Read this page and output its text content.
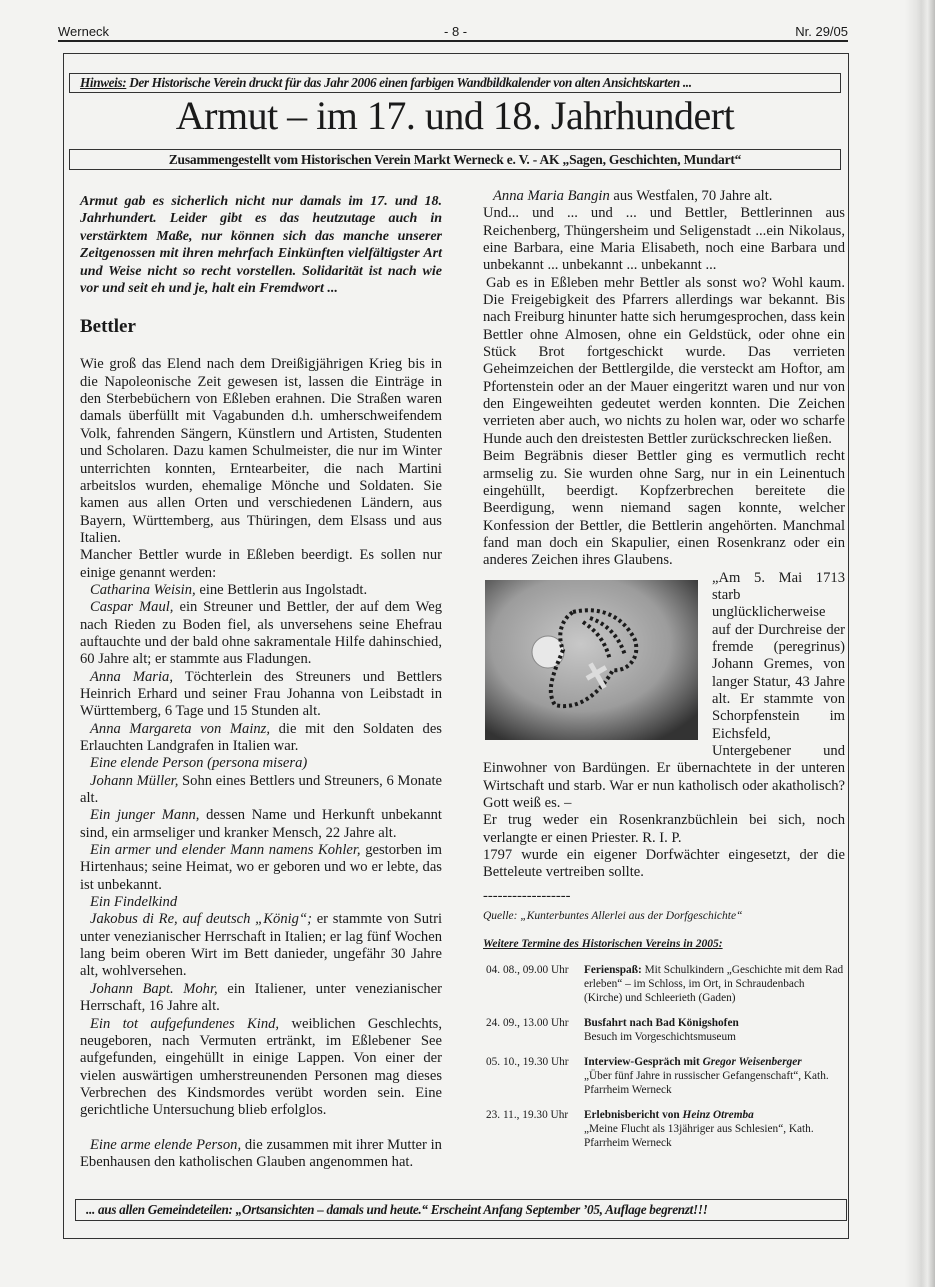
Werneck	- 8 -	Nr. 29/05
Hinweis: Der Historische Verein druckt für das Jahr 2006 einen farbigen Wandbildkalender von alten Ansichtskarten ...
Armut – im 17. und 18. Jahrhundert
Zusammengestellt vom Historischen Verein Markt Werneck e. V. - AK „Sagen, Geschichten, Mundart“

Armut gab es sicherlich nicht nur damals im 17. und 18. Jahrhundert. Leider gibt es das heutzutage auch in verstärktem Maße, nur können sich das manche unserer Zeitgenossen mit ihren mehrfach Einkünften vielfältigster Art und Weise nicht so recht vorstellen. Solidarität ist nach wie vor und seit eh und je, halt ein Fremdwort ...

Bettler

Wie groß das Elend nach dem Dreißigjährigen Krieg bis in die Napoleonische Zeit gewesen ist, lassen die Einträge in den Sterbebüchern von Eßleben erahnen. Die Straßen waren damals überfüllt mit Vagabunden d.h. umherschweifendem Volk, fahrenden Sängern, Künstlern und Artisten, Studenten und Scholaren. Dazu kamen Schulmeister, die nur im Winter unterrichten konnten, Erntearbeiter, die nach Martini arbeitslos wurden, ehemalige Mönche und Soldaten. Sie kamen aus allen Orten und verschiedenen Ländern, aus Bayern, Württemberg, aus Thüringen, dem Elsass und aus Italien.

Mancher Bettler wurde in Eßleben beerdigt. Es sollen nur einige genannt werden:

Catharina Weisin, eine Bettlerin aus Ingolstadt.

Caspar Maul, ein Streuner und Bettler, der auf dem Weg nach Rieden zu Boden fiel, als unversehens seine Ehefrau auftauchte und der bald ohne sakramentale Hilfe dahinschied, 60 Jahre alt; er stammte aus Fladungen.

Anna Maria, Töchterlein des Streuners und Bettlers Heinrich Erhard und seiner Frau Johanna von Leibstadt in Württemberg, 6 Tage und 15 Stunden alt.

Anna Margareta von Mainz, die mit den Soldaten des Erlauchten Landgrafen in Italien war.

Eine elende Person (persona misera)

Johann Müller, Sohn eines Bettlers und Streuners, 6 Monate alt.

Ein junger Mann, dessen Name und Herkunft unbekannt sind, ein armseliger und kranker Mensch, 22 Jahre alt.

Ein armer und elender Mann namens Kohler, gestorben im Hirtenhaus; seine Heimat, wo er geboren und wo er lebte, das ist unbekannt.

Ein Findelkind

Jakobus di Re, auf deutsch „König“; er stammte von Sutri unter venezianischer Herrschaft in Italien; er lag fünf Wochen lang beim oberen Wirt im Bett danieder, ungefähr 30 Jahre alt, wohlversehen.

Johann Bapt. Mohr, ein Italiener, unter venezianischer Herrschaft, 16 Jahre alt.

Ein tot aufgefundenes Kind, weiblichen Geschlechts, neugeboren, nach Vermuten ertränkt, im Eßlebener See aufgefunden, eingehüllt in einige Lappen. Von einer der vielen auswärtigen umherstreunenden Personen mag dieses Verbrechen des Kindsmordes verübt worden sein. Eine gerichtliche Untersuchung blieb erfolglos.

Eine arme elende Person, die zusammen mit ihrer Mutter in Ebenhausen den katholischen Glauben angenommen hat.

Anna Maria Bangin aus Westfalen, 70 Jahre alt.

Und... und ... und ... und Bettler, Bettlerinnen aus Reichenberg, Thüngersheim und Seligenstadt ...ein Nikolaus, eine Barbara, eine Maria Elisabeth, noch eine Barbara und unbekannt ... unbekannt ... unbekannt ...

Gab es in Eßleben mehr Bettler als sonst wo? Wohl kaum. Die Freigebigkeit des Pfarrers allerdings war bekannt. Bis nach Freiburg hinunter hatte sich herumgesprochen, dass kein Bettler ohne Almosen, ohne ein Geldstück, oder ohne ein Stück Brot fortgeschickt wurde. Das verrieten Geheimzeichen der Bettlergilde, die versteckt am Hoftor, am Pfortenstein oder an der Mauer eingeritzt waren und nur von den Eingeweihten gedeutet werden konnten. Die Zeichen verrieten aber auch, wo nichts zu holen war, oder wo scharfe Hunde auch den dreistesten Bettler zurückschrecken ließen.

Beim Begräbnis dieser Bettler ging es vermutlich recht armselig zu. Sie wurden ohne Sarg, nur in ein Leinentuch eingehüllt, beerdigt. Kopfzerbrechen bereitete die Beerdigung, wenn niemand sagen konnte, welcher Konfession der Bettler, die Bettlerin angehörten. Manchmal fand man doch ein Skapulier, einen Rosenkranz oder ein anderes Zeichen ihres Glaubens.

„Am 5. Mai 1713 starb unglücklicherweise auf der Durchreise der fremde (peregrinus) Johann Gremes, von langer Statur, 43 Jahre alt. Er stammte von Schorpfenstein im Eichsfeld, Untergebener und Einwohner von Bardüngen. Er übernachtete in der unteren Wirtschaft und starb. War er nun katholisch oder akatholisch? Gott weiß es. –

Er trug weder ein Rosenkranzbüchlein bei sich, noch verlangte er einen Priester. R. I. P.

1797 wurde ein eigener Dorfwächter eingesetzt, der die Betteleute vertreiben sollte.

------------------

Quelle: „Kunterbuntes Allerlei aus der Dorfgeschichte“

Weitere Termine des Historischen Vereins in 2005:

04. 08., 09.00 Uhr	Ferienspaß: Mit Schulkindern „Geschichte mit dem Rad erleben“ – im Schloss, im Ort, in Schraudenbach (Kirche) und Schleerieth (Gaden)
24. 09., 13.00 Uhr	Busfahrt nach Bad Königshofen
Besuch im Vorgeschichtsmuseum
05. 10., 19.30 Uhr	Interview-Gespräch mit Gregor Weisenberger
„Über fünf Jahre in russischer Gefangenschaft“, Kath. Pfarrheim Werneck
23. 11., 19.30 Uhr	Erlebnisbericht von Heinz Otremba
„Meine Flucht als 13jähriger aus Schlesien“, Kath. Pfarrheim Werneck
... aus allen Gemeindeteilen: „Ortsansichten – damals und heute.“ Erscheint Anfang September ’05, Auflage begrenzt!!!
